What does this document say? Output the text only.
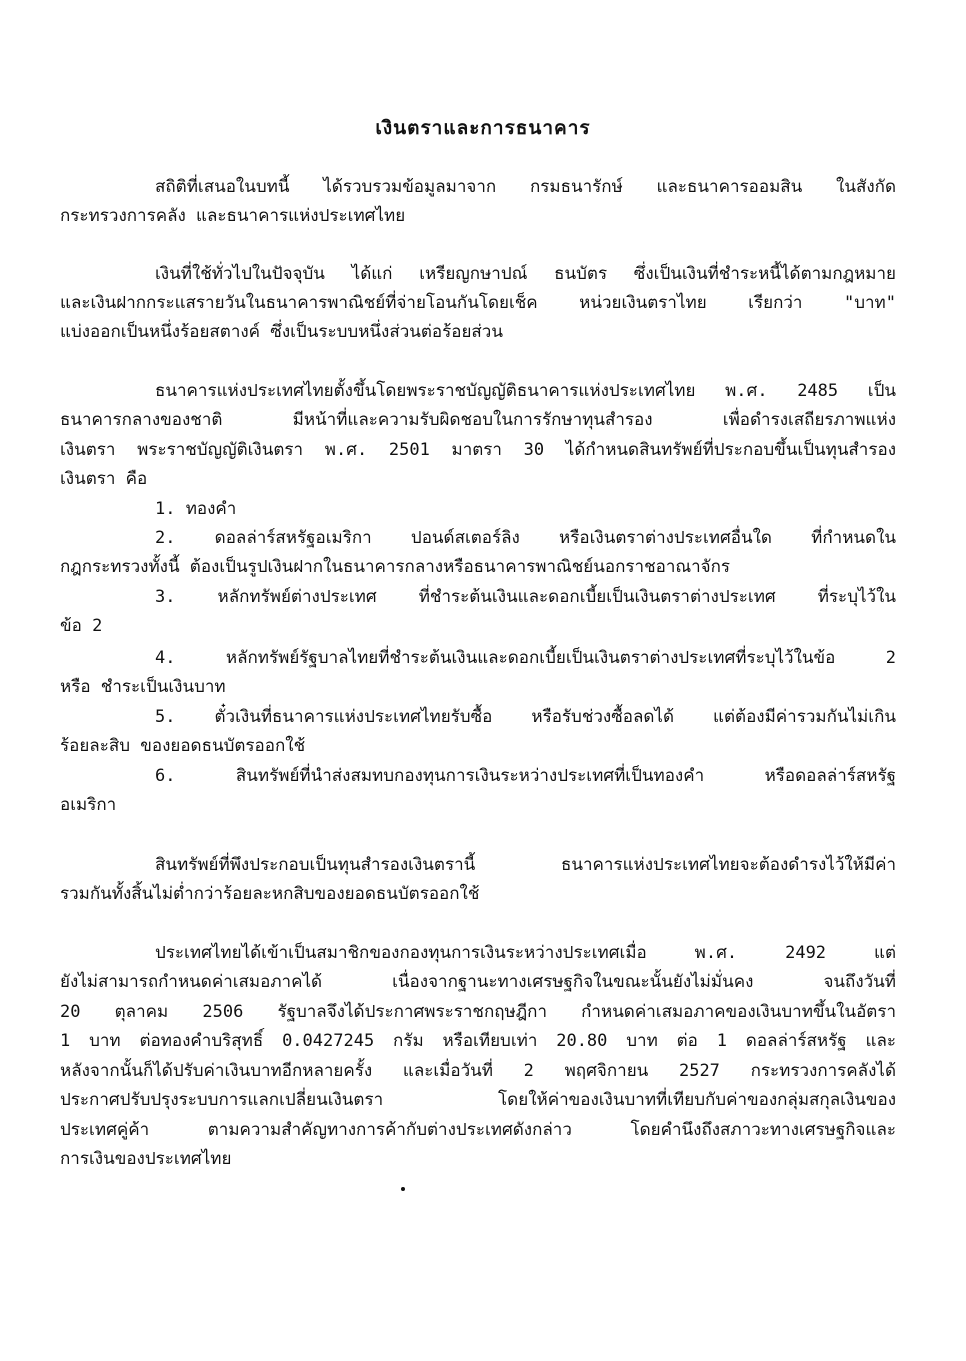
เงินตราและการธนาคาร
สถิติที่เสนอในบทนี้ ได้รวบรวมข้อมูลมาจาก กรมธนารักษ์ และธนาคารออมสิน ในสังกัด
กระทรวงการคลัง และธนาคารแห่งประเทศไทย
เงินที่ใช้ทั่วไปในปัจจุบัน ได้แก่ เหรียญกษาปณ์ ธนบัตร ซึ่งเป็นเงินที่ชำระหนี้ได้ตามกฎหมาย
และเงินฝากกระแสรายวันในธนาคารพาณิชย์ที่จ่ายโอนกันโดยเช็ค หน่วยเงินตราไทย เรียกว่า "บาท"
แบ่งออกเป็นหนึ่งร้อยสตางค์ ซึ่งเป็นระบบหนึ่งส่วนต่อร้อยส่วน
ธนาคารแห่งประเทศไทยตั้งขึ้นโดยพระราชบัญญัติธนาคารแห่งประเทศไทย พ.ศ. 2485 เป็น
ธนาคารกลางของชาติ มีหน้าที่และความรับผิดชอบในการรักษาทุนสำรอง เพื่อดำรงเสถียรภาพแห่ง
เงินตรา พระราชบัญญัติเงินตรา พ.ศ. 2501 มาตรา 30 ได้กำหนดสินทรัพย์ที่ประกอบขึ้นเป็นทุนสำรอง
เงินตรา คือ
1. ทองคำ
2. ดอลล่าร์สหรัฐอเมริกา ปอนด์สเตอร์ลิง หรือเงินตราต่างประเทศอื่นใด ที่กำหนดใน
กฎกระทรวงทั้งนี้ ต้องเป็นรูปเงินฝากในธนาคารกลางหรือธนาคารพาณิชย์นอกราชอาณาจักร
3. หลักทรัพย์ต่างประเทศ ที่ชำระต้นเงินและดอกเบี้ยเป็นเงินตราต่างประเทศ ที่ระบุไว้ใน
ข้อ 2
4. หลักทรัพย์รัฐบาลไทยที่ชำระต้นเงินและดอกเบี้ยเป็นเงินตราต่างประเทศที่ระบุไว้ในข้อ 2
หรือ ชำระเป็นเงินบาท
5. ตั๋วเงินที่ธนาคารแห่งประเทศไทยรับซื้อ หรือรับช่วงซื้อลดได้ แต่ต้องมีค่ารวมกันไม่เกิน
ร้อยละสิบ ของยอดธนบัตรออกใช้
6. สินทรัพย์ที่นำส่งสมทบกองทุนการเงินระหว่างประเทศที่เป็นทองคำ หรือดอลล่าร์สหรัฐ
อเมริกา
สินทรัพย์ที่พึงประกอบเป็นทุนสำรองเงินตรานี้ ธนาคารแห่งประเทศไทยจะต้องดำรงไว้ให้มีค่า
รวมกันทั้งสิ้นไม่ต่ำกว่าร้อยละหกสิบของยอดธนบัตรออกใช้
ประเทศไทยได้เข้าเป็นสมาชิกของกองทุนการเงินระหว่างประเทศเมื่อ พ.ศ. 2492 แต่
ยังไม่สามารถกำหนดค่าเสมอภาคได้ เนื่องจากฐานะทางเศรษฐกิจในขณะนั้นยังไม่มั่นคง จนถึงวันที่
20 ตุลาคม 2506 รัฐบาลจึงได้ประกาศพระราชกฤษฎีกา กำหนดค่าเสมอภาคของเงินบาทขึ้นในอัตรา
1 บาท ต่อทองคำบริสุทธิ์ 0.0427245 กรัม หรือเทียบเท่า 20.80 บาท ต่อ 1 ดอลล่าร์สหรัฐ และ
หลังจากนั้นก็ได้ปรับค่าเงินบาทอีกหลายครั้ง และเมื่อวันที่ 2 พฤศจิกายน 2527 กระทรวงการคลังได้
ประกาศปรับปรุงระบบการแลกเปลี่ยนเงินตรา โดยให้ค่าของเงินบาทที่เทียบกับค่าของกลุ่มสกุลเงินของ
ประเทศคู่ค้า ตามความสำคัญทางการค้ากับต่างประเทศดังกล่าว โดยคำนึงถึงสภาวะทางเศรษฐกิจและ
การเงินของประเทศไทย
